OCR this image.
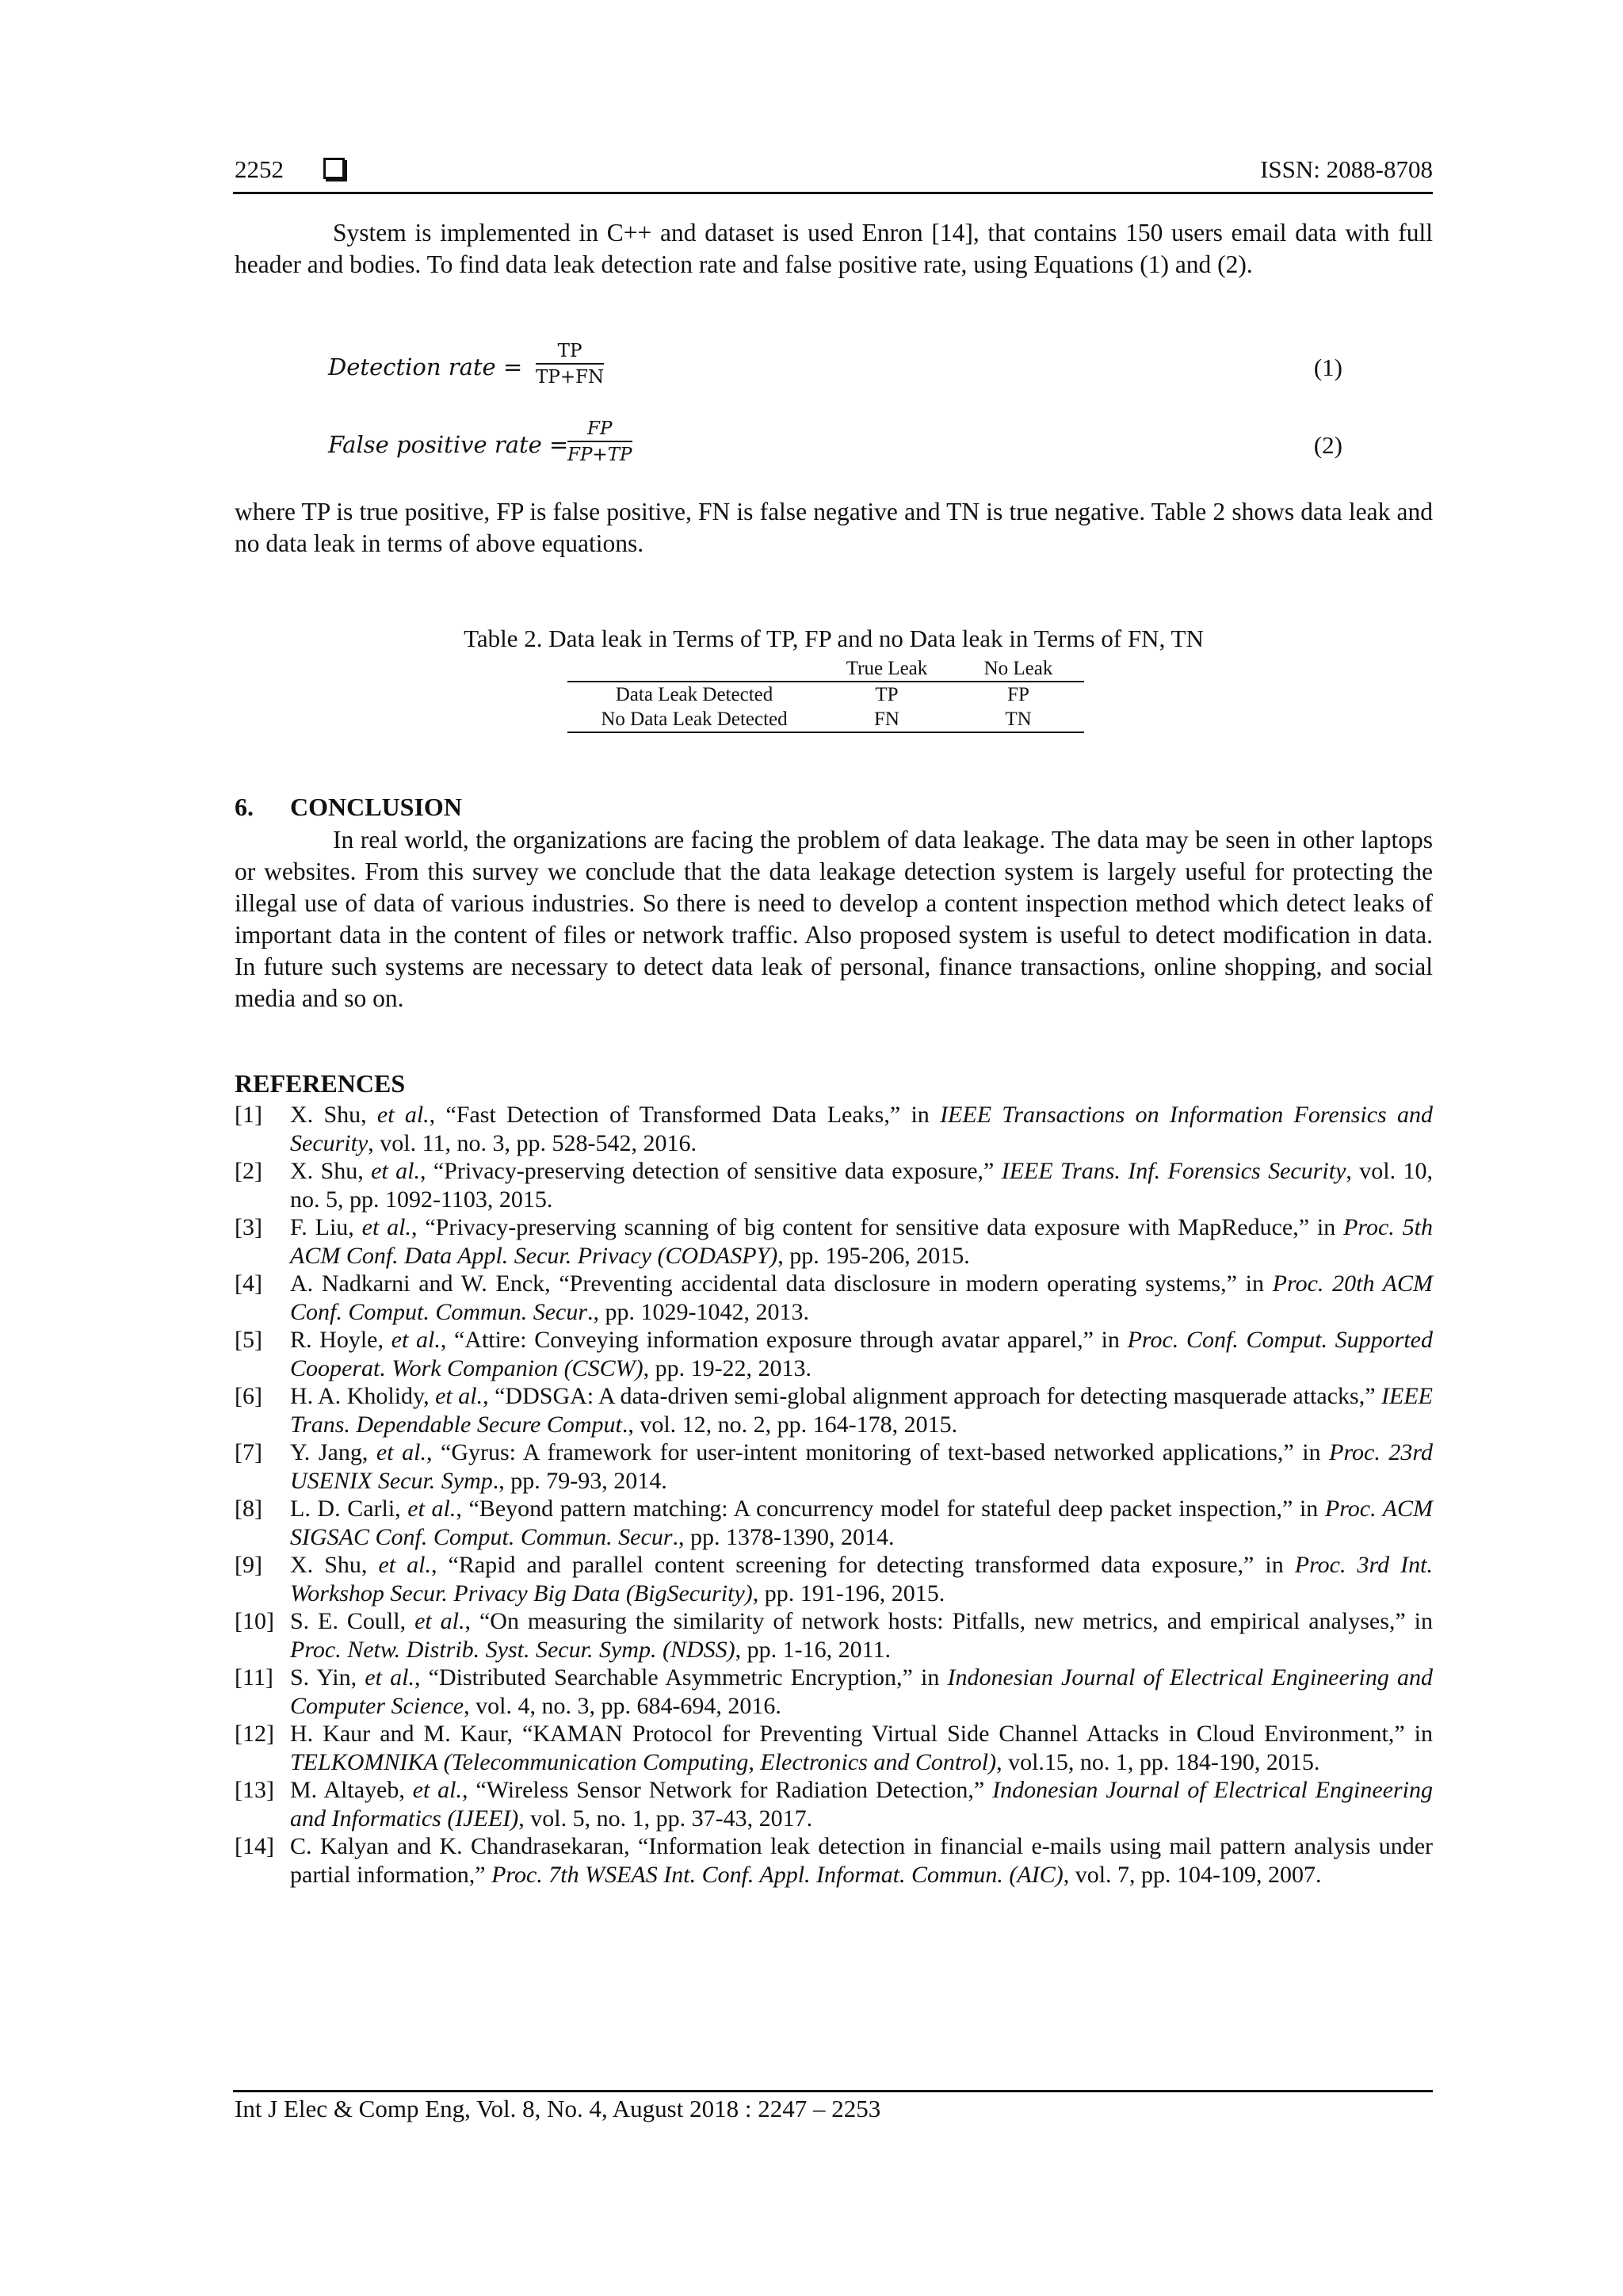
2252	ISSN: 2088-8708
System is implemented in C++ and dataset is used Enron [14], that contains 150 users email data with full header and bodies. To find data leak detection rate and false positive rate, using Equations (1) and (2).
Detection rate = $\frac{TP}{TP+FN}$	(1)
False positive rate =
$\frac{FP}{FP+TP}$	(2)
where TP is true positive, FP is false positive, FN is false negative and TN is true negative. Table 2 shows data leak and no data leak in terms of above equations.
Table 2. Data leak in Terms of TP, FP and no Data leak in Terms of FN, TN
	True Leak	No Leak
Data Leak Detected	TP	FP
No Data Leak Detected	FN	TN
6. CONCLUSION
In real world, the organizations are facing the problem of data leakage. The data may be seen in other laptops or websites. From this survey we conclude that the data leakage detection system is largely useful for protecting the illegal use of data of various industries. So there is need to develop a content inspection method which detect leaks of important data in the content of files or network traffic. Also proposed system is useful to detect modification in data. In future such systems are necessary to detect data leak of personal, finance transactions, online shopping, and social media and so on.
REFERENCES
[1] X. Shu, et al., “Fast Detection of Transformed Data Leaks,” in IEEE Transactions on Information Forensics and Security, vol. 11, no. 3, pp. 528-542, 2016.
[2] X. Shu, et al., “Privacy-preserving detection of sensitive data exposure,” IEEE Trans. Inf. Forensics Security, vol. 10, no. 5, pp. 1092-1103, 2015.
[3] F. Liu, et al., “Privacy-preserving scanning of big content for sensitive data exposure with MapReduce,” in Proc. 5th ACM Conf. Data Appl. Secur. Privacy (CODASPY), pp. 195-206, 2015.
[4] A. Nadkarni and W. Enck, “Preventing accidental data disclosure in modern operating systems,” in Proc. 20th ACM Conf. Comput. Commun. Secur., pp. 1029-1042, 2013.
[5] R. Hoyle, et al., “Attire: Conveying information exposure through avatar apparel,” in Proc. Conf. Comput. Supported Cooperat. Work Companion (CSCW), pp. 19-22, 2013.
[6] H. A. Kholidy, et al., “DDSGA: A data-driven semi-global alignment approach for detecting masquerade attacks,” IEEE Trans. Dependable Secure Comput., vol. 12, no. 2, pp. 164-178, 2015.
[7] Y. Jang, et al., “Gyrus: A framework for user-intent monitoring of text-based networked applications,” in Proc. 23rd USENIX Secur. Symp., pp. 79-93, 2014.
[8] L. D. Carli, et al., “Beyond pattern matching: A concurrency model for stateful deep packet inspection,” in Proc. ACM SIGSAC Conf. Comput. Commun. Secur., pp. 1378-1390, 2014.
[9] X. Shu, et al., “Rapid and parallel content screening for detecting transformed data exposure,” in Proc. 3rd Int. Workshop Secur. Privacy Big Data (BigSecurity), pp. 191-196, 2015.
[10] S. E. Coull, et al., “On measuring the similarity of network hosts: Pitfalls, new metrics, and empirical analyses,” in Proc. Netw. Distrib. Syst. Secur. Symp. (NDSS), pp. 1-16, 2011.
[11] S. Yin, et al., “Distributed Searchable Asymmetric Encryption,” in Indonesian Journal of Electrical Engineering and Computer Science, vol. 4, no. 3, pp. 684-694, 2016.
[12] H. Kaur and M. Kaur, “KAMAN Protocol for Preventing Virtual Side Channel Attacks in Cloud Environment,” in TELKOMNIKA (Telecommunication Computing, Electronics and Control), vol.15, no. 1, pp. 184-190, 2015.
[13] M. Altayeb, et al., “Wireless Sensor Network for Radiation Detection,” Indonesian Journal of Electrical Engineering and Informatics (IJEEI), vol. 5, no. 1, pp. 37-43, 2017.
[14] C. Kalyan and K. Chandrasekaran, “Information leak detection in financial e-mails using mail pattern analysis under partial information,” Proc. 7th WSEAS Int. Conf. Appl. Informat. Commun. (AIC), vol. 7, pp. 104-109, 2007.
Int J Elec & Comp Eng, Vol. 8, No. 4, August 2018 : 2247 – 2253
